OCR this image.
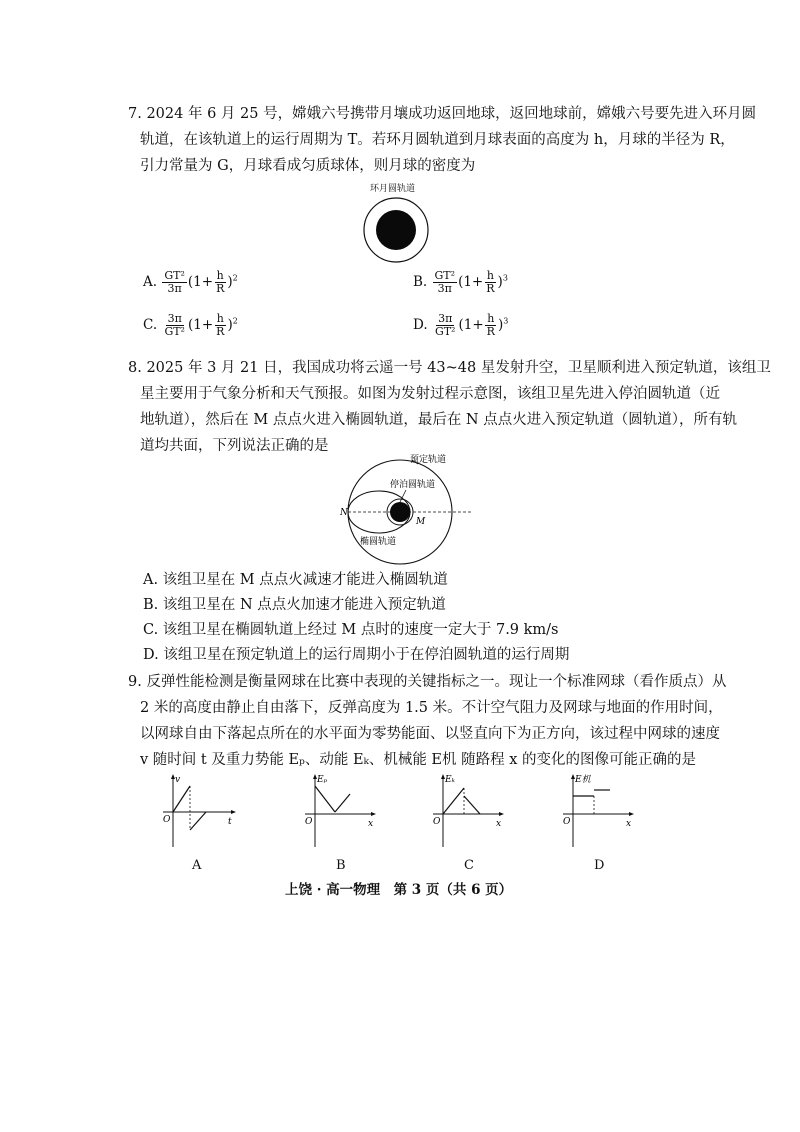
7. 2024 年 6 月 25 号，嫦娥六号携带月壤成功返回地球，返回地球前，嫦娥六号要先进入环月圆
轨道，在该轨道上的运行周期为 T。若环月圆轨道到月球表面的高度为 h，月球的半径为 R，
引力常量为 G，月球看成匀质球体，则月球的密度为
环月圆轨道
A. $\frac{\text{GT²}}{3\pi} (1+ \frac{h}{R} )^2$	B. $\frac{\text{GT²}}{3\pi} (1+ \frac{h}{R} )^3$
C. $\frac{3\pi}{\text{GT²}} (1+ \frac{h}{R} )^2$	D. $\frac{3\pi}{\text{GT²}} (1+ \frac{h}{R} )^3$
8. 2025 年 3 月 21 日，我国成功将云遥一号 43~48 星发射升空，卫星顺利进入预定轨道，该组卫
星主要用于气象分析和天气预报。如图为发射过程示意图，该组卫星先进入停泊圆轨道（近
地轨道），然后在 M 点点火进入椭圆轨道，最后在 N 点点火进入预定轨道（圆轨道），所有轨
道均共面，下列说法正确的是
预定轨道
停泊圆轨道
椭圆轨道
N
M
A. 该组卫星在 M 点点火减速才能进入椭圆轨道
B. 该组卫星在 N 点点火加速才能进入预定轨道
C. 该组卫星在椭圆轨道上经过 M 点时的速度一定大于 7.9 km/s
D. 该组卫星在预定轨道上的运行周期小于在停泊圆轨道的运行周期
9. 反弹性能检测是衡量网球在比赛中表现的关键指标之一。现让一个标准网球（看作质点）从
2 米的高度由静止自由落下，反弹高度为 1.5 米。不计空气阻力及网球与地面的作用时间，
以网球自由下落起点所在的水平面为零势能面、以竖直向下为正方向，该过程中网球的速度
v 随时间 t 及重力势能 Eₚ、动能 Eₖ、机械能 E机 随路程 x 的变化的图像可能正确的是
v
O	t
A
Eₚ
O	x
B
Eₖ
O	x
C
E机
O	x
D
上饶 · 高一物理　第 3 页（共 6 页）
